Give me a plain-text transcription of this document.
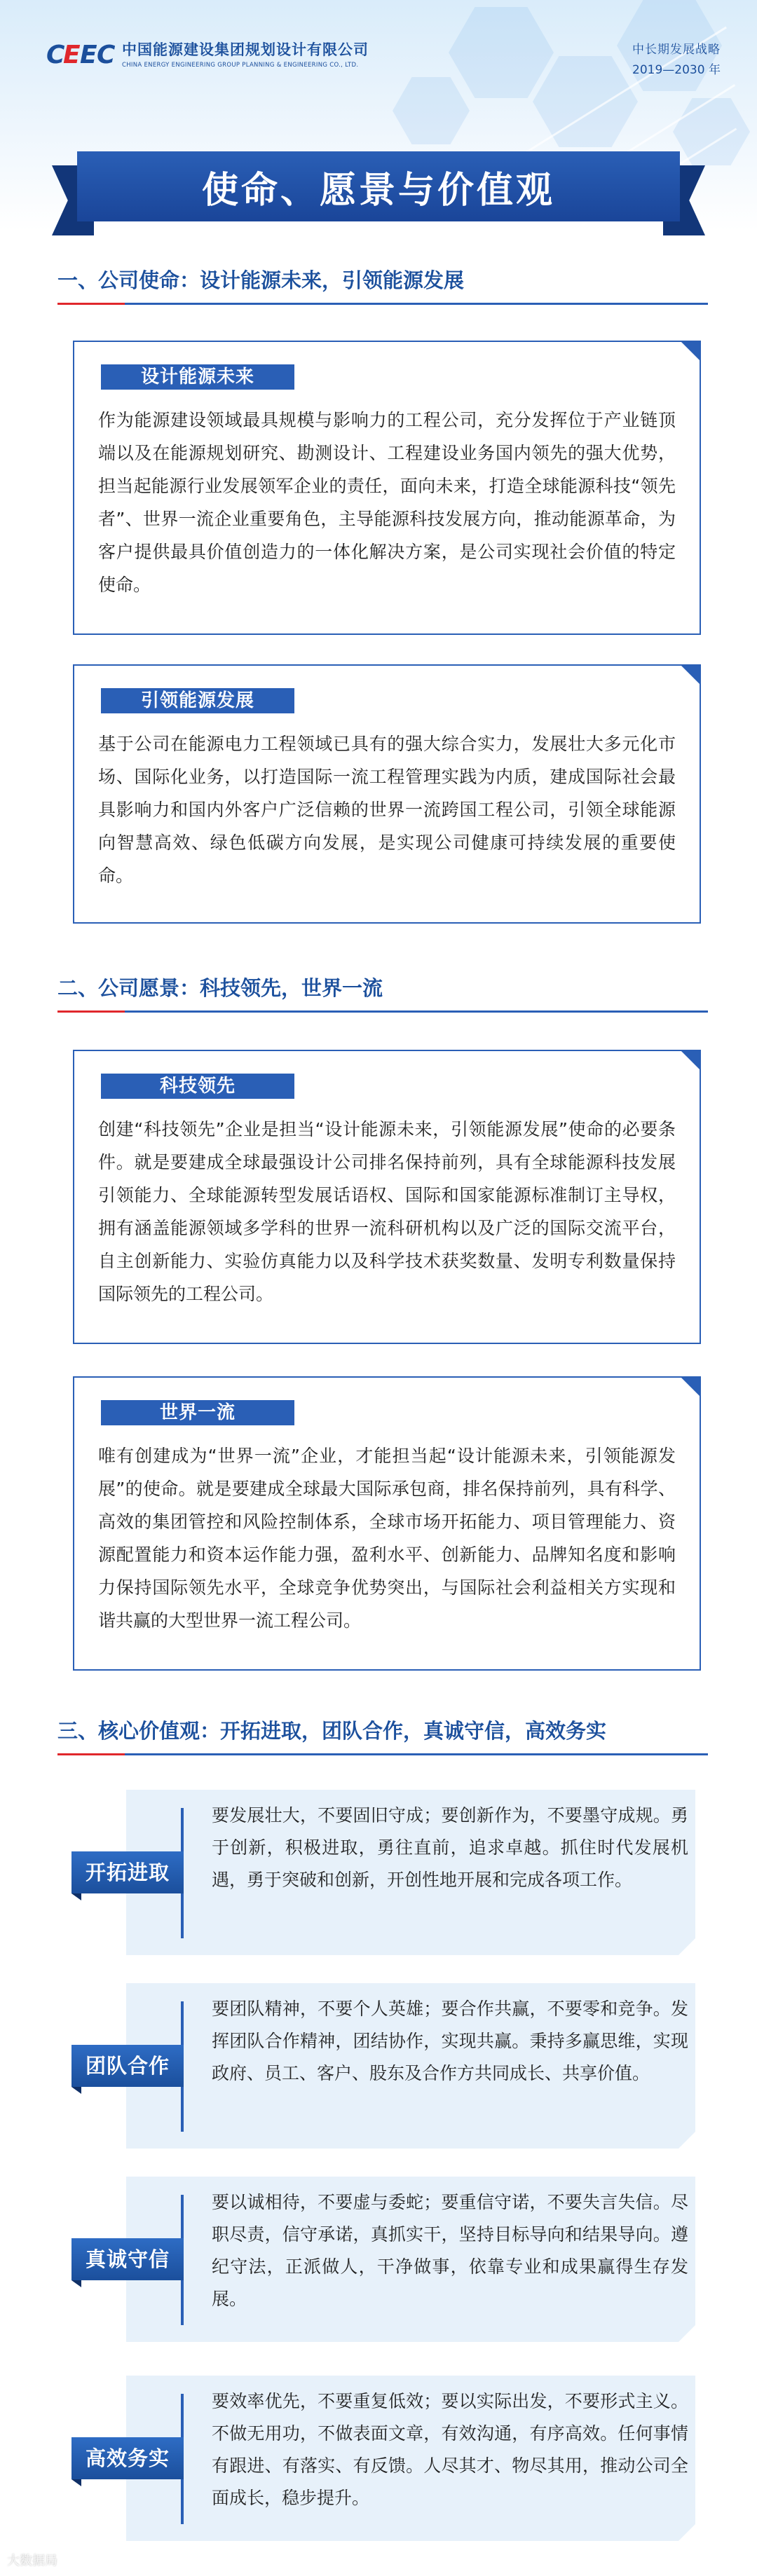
C
E E C 中国能源建设集团规划设计有限公司
CHINA ENERGY ENGINEERING GROUP PLANNING & ENGINEERING CO., LTD.
中长期发展战略
2019—2030 年
使命、愿景与价值观
一、公司使命：设计能源未来，引领能源发展
设计能源未来
作为能源建设领域最具规模与影响力的工程公司，充分发挥位于产业链顶端以及在能源规划研究、勘测设计、工程建设业务国内领先的强大优势，担当起能源行业发展领军企业的责任，面向未来，打造全球能源科技“领先者”、世界一流企业重要角色，主导能源科技发展方向，推动能源革命，为客户提供最具价值创造力的一体化解决方案，是公司实现社会价值的特定使命。
引领能源发展
基于公司在能源电力工程领域已具有的强大综合实力，发展壮大多元化市场、国际化业务，以打造国际一流工程管理实践为内质，建成国际社会最具影响力和国内外客户广泛信赖的世界一流跨国工程公司，引领全球能源向智慧高效、绿色低碳方向发展，是实现公司健康可持续发展的重要使命。
二、公司愿景：科技领先，世界一流
科技领先
创建“科技领先”企业是担当“设计能源未来，引领能源发展”使命的必要条件。就是要建成全球最强设计公司排名保持前列，具有全球能源科技发展引领能力、全球能源转型发展话语权、国际和国家能源标准制订主导权，拥有涵盖能源领域多学科的世界一流科研机构以及广泛的国际交流平台，自主创新能力、实验仿真能力以及科学技术获奖数量、发明专利数量保持国际领先的工程公司。
世界一流
唯有创建成为“世界一流”企业，才能担当起“设计能源未来，引领能源发展”的使命。就是要建成全球最大国际承包商，排名保持前列，具有科学、高效的集团管控和风险控制体系，全球市场开拓能力、项目管理能力、资源配置能力和资本运作能力强，盈利水平、创新能力、品牌知名度和影响力保持国际领先水平，全球竞争优势突出，与国际社会利益相关方实现和谐共赢的大型世界一流工程公司。
三、核心价值观：开拓进取，团队合作，真诚守信，高效务实
要发展壮大，不要固旧守成；要创新作为，不要墨守成规。勇于创新，积极进取，勇往直前，追求卓越。抓住时代发展机遇，勇于突破和创新，开创性地开展和完成各项工作。
开拓进取
要团队精神，不要个人英雄；要合作共赢，不要零和竞争。发挥团队合作精神，团结协作，实现共赢。秉持多赢思维，实现政府、员工、客户、股东及合作方共同成长、共享价值。
团队合作
要以诚相待，不要虚与委蛇；要重信守诺，不要失言失信。尽职尽责，信守承诺，真抓实干，坚持目标导向和结果导向。遵纪守法，正派做人，干净做事，依靠专业和成果赢得生存发展。
真诚守信
要效率优先，不要重复低效；要以实际出发，不要形式主义。不做无用功，不做表面文章，有效沟通，有序高效。任何事情有跟进、有落实、有反馈。人尽其才、物尽其用，推动公司全面成长，稳步提升。
高效务实
大数据局
